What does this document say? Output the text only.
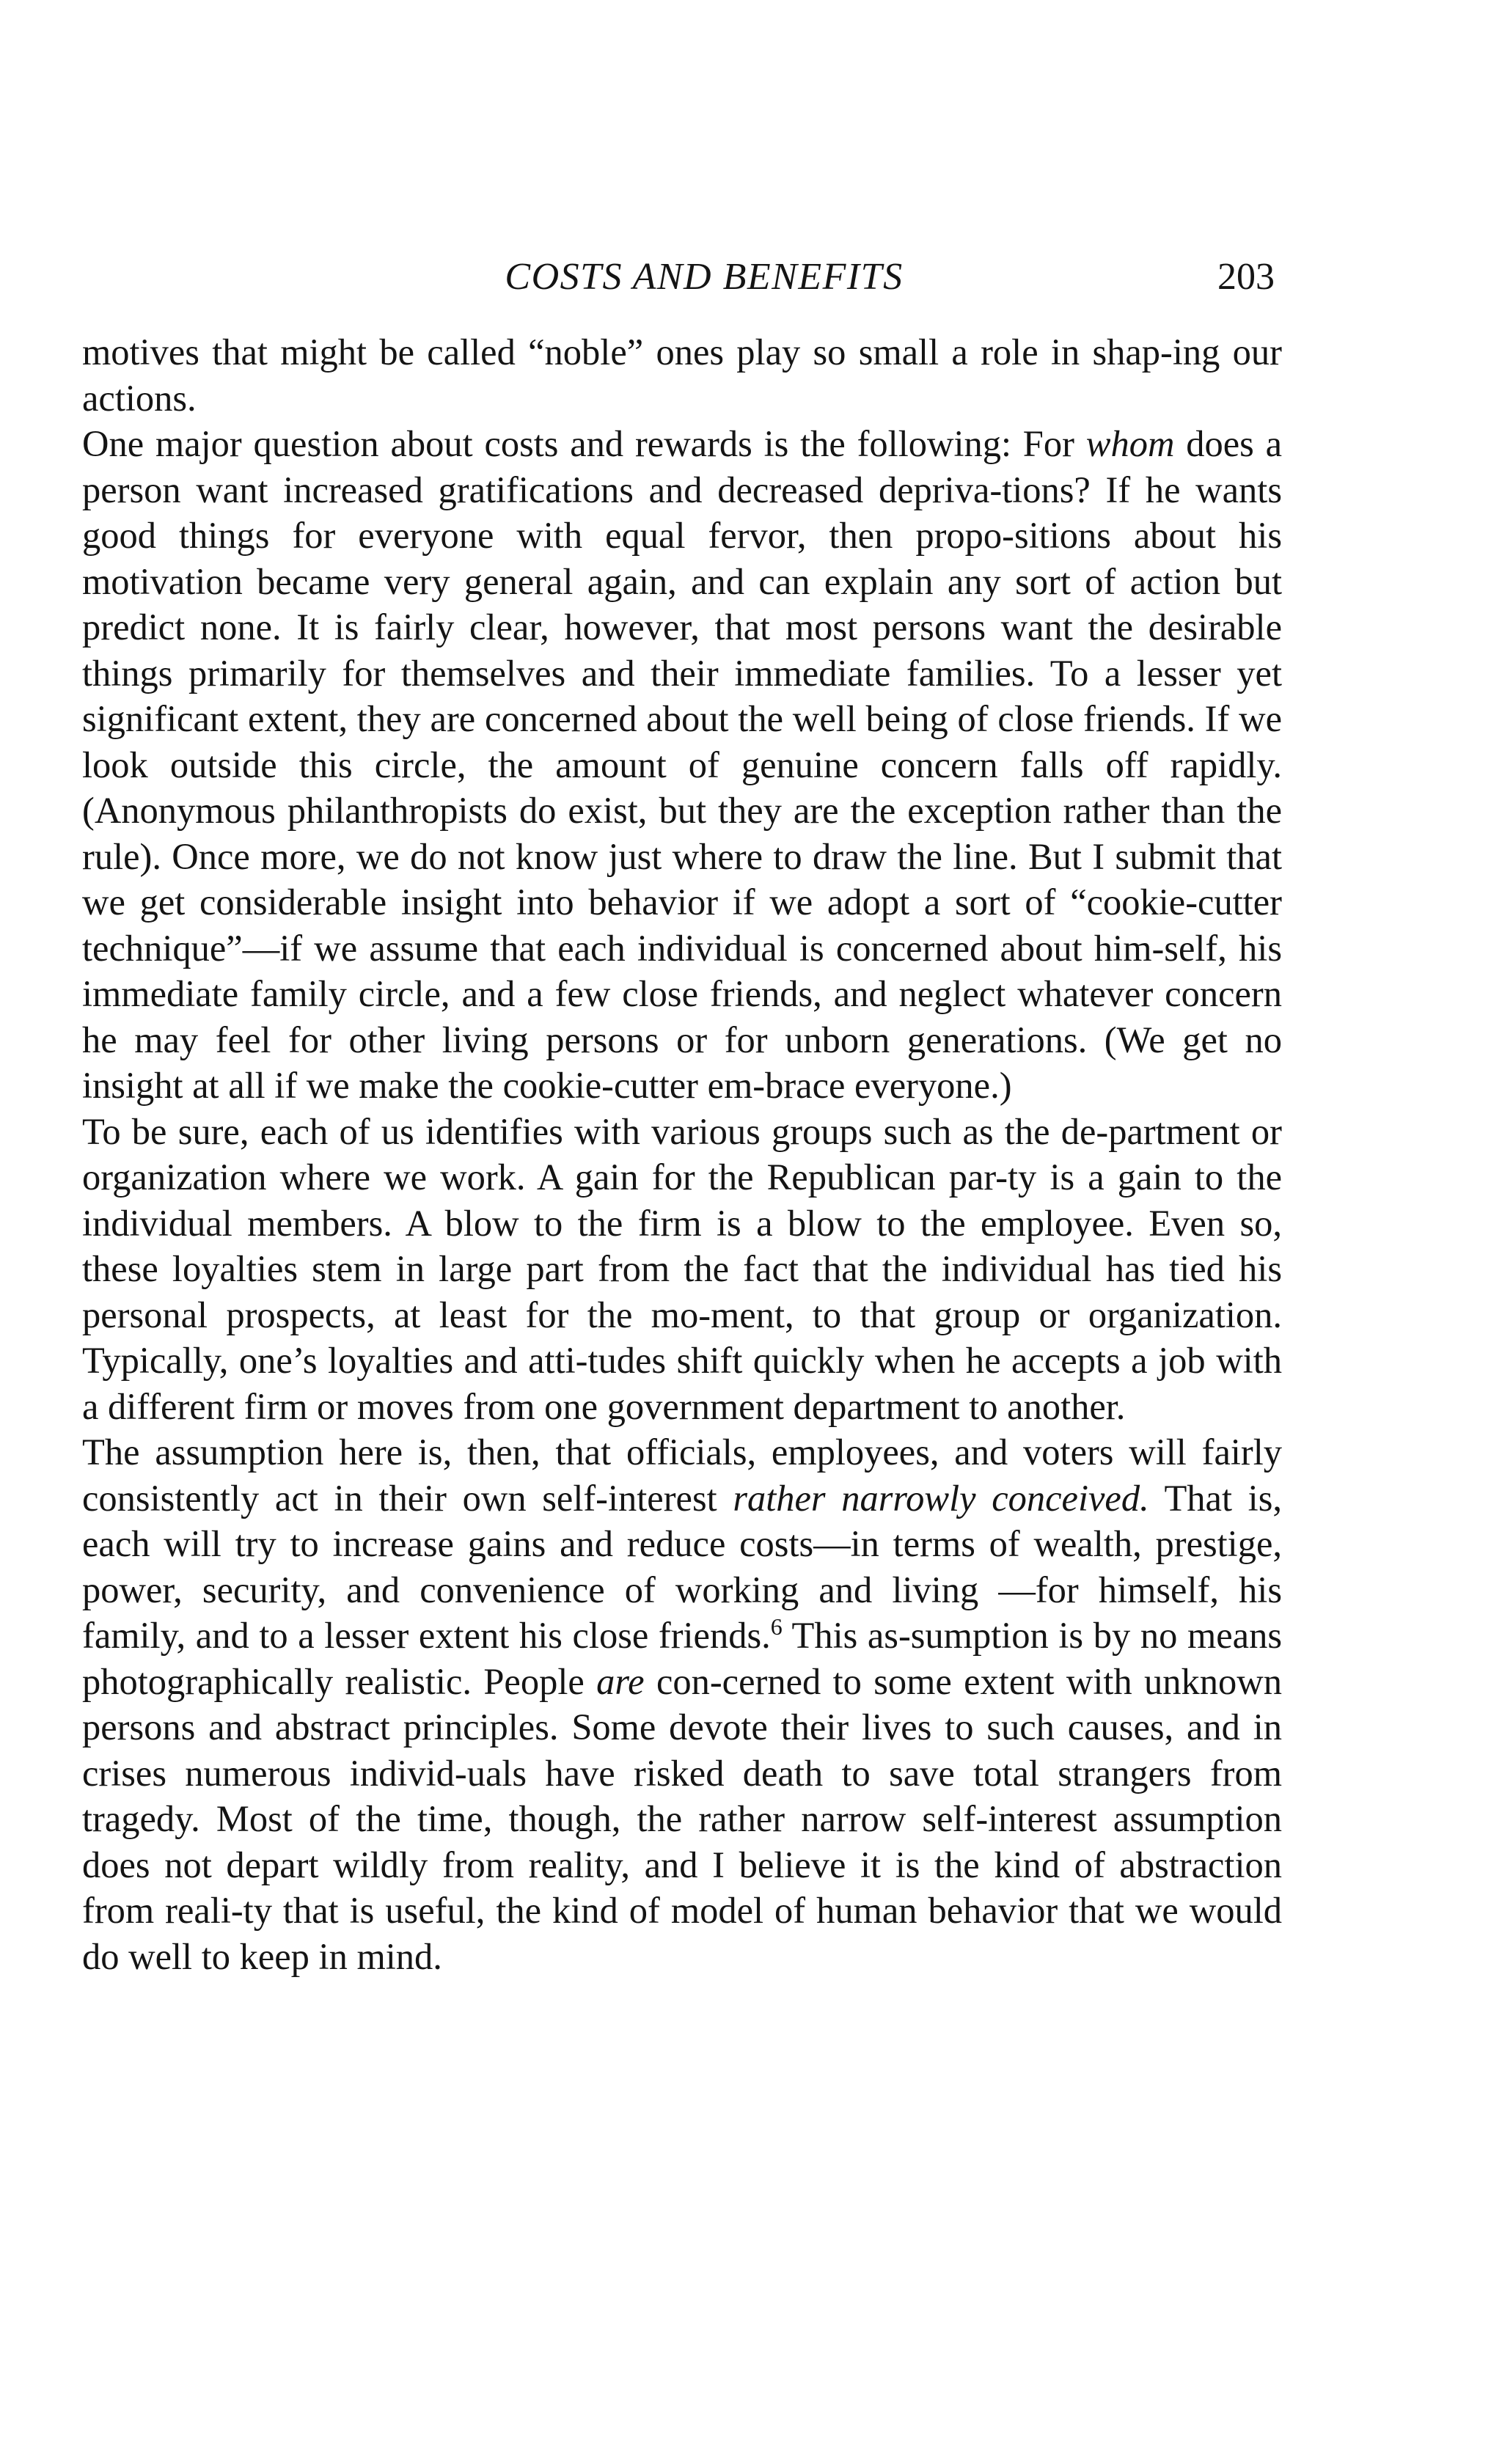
COSTS AND BENEFITS	203

motives that might be called “noble” ones play so small a role in shap-ing our actions.

One major question about costs and rewards is the following: For whom does a person want increased gratifications and decreased depriva-tions? If he wants good things for everyone with equal fervor, then propo-sitions about his motivation became very general again, and can explain any sort of action but predict none. It is fairly clear, however, that most persons want the desirable things primarily for themselves and their immediate families. To a lesser yet significant extent, they are concerned about the well being of close friends. If we look outside this circle, the amount of genuine concern falls off rapidly. (Anonymous philanthropists do exist, but they are the exception rather than the rule). Once more, we do not know just where to draw the line. But I submit that we get considerable insight into behavior if we adopt a sort of “cookie-cutter technique”—if we assume that each individual is concerned about him-self, his immediate family circle, and a few close friends, and neglect whatever concern he may feel for other living persons or for unborn generations. (We get no insight at all if we make the cookie-cutter em-brace everyone.)

To be sure, each of us identifies with various groups such as the de-partment or organization where we work. A gain for the Republican par-ty is a gain to the individual members. A blow to the firm is a blow to the employee. Even so, these loyalties stem in large part from the fact that the individual has tied his personal prospects, at least for the mo-ment, to that group or organization. Typically, one’s loyalties and atti-tudes shift quickly when he accepts a job with a different firm or moves from one government department to another.

The assumption here is, then, that officials, employees, and voters will fairly consistently act in their own self-interest rather narrowly conceived. That is, each will try to increase gains and reduce costs—in terms of wealth, prestige, power, security, and convenience of working and living —for himself, his family, and to a lesser extent his close friends.$^6$ This as-sumption is by no means photographically realistic. People are con-cerned to some extent with unknown persons and abstract principles. Some devote their lives to such causes, and in crises numerous individ-uals have risked death to save total strangers from tragedy. Most of the time, though, the rather narrow self-interest assumption does not depart wildly from reality, and I believe it is the kind of abstraction from reali-ty that is useful, the kind of model of human behavior that we would do well to keep in mind.
